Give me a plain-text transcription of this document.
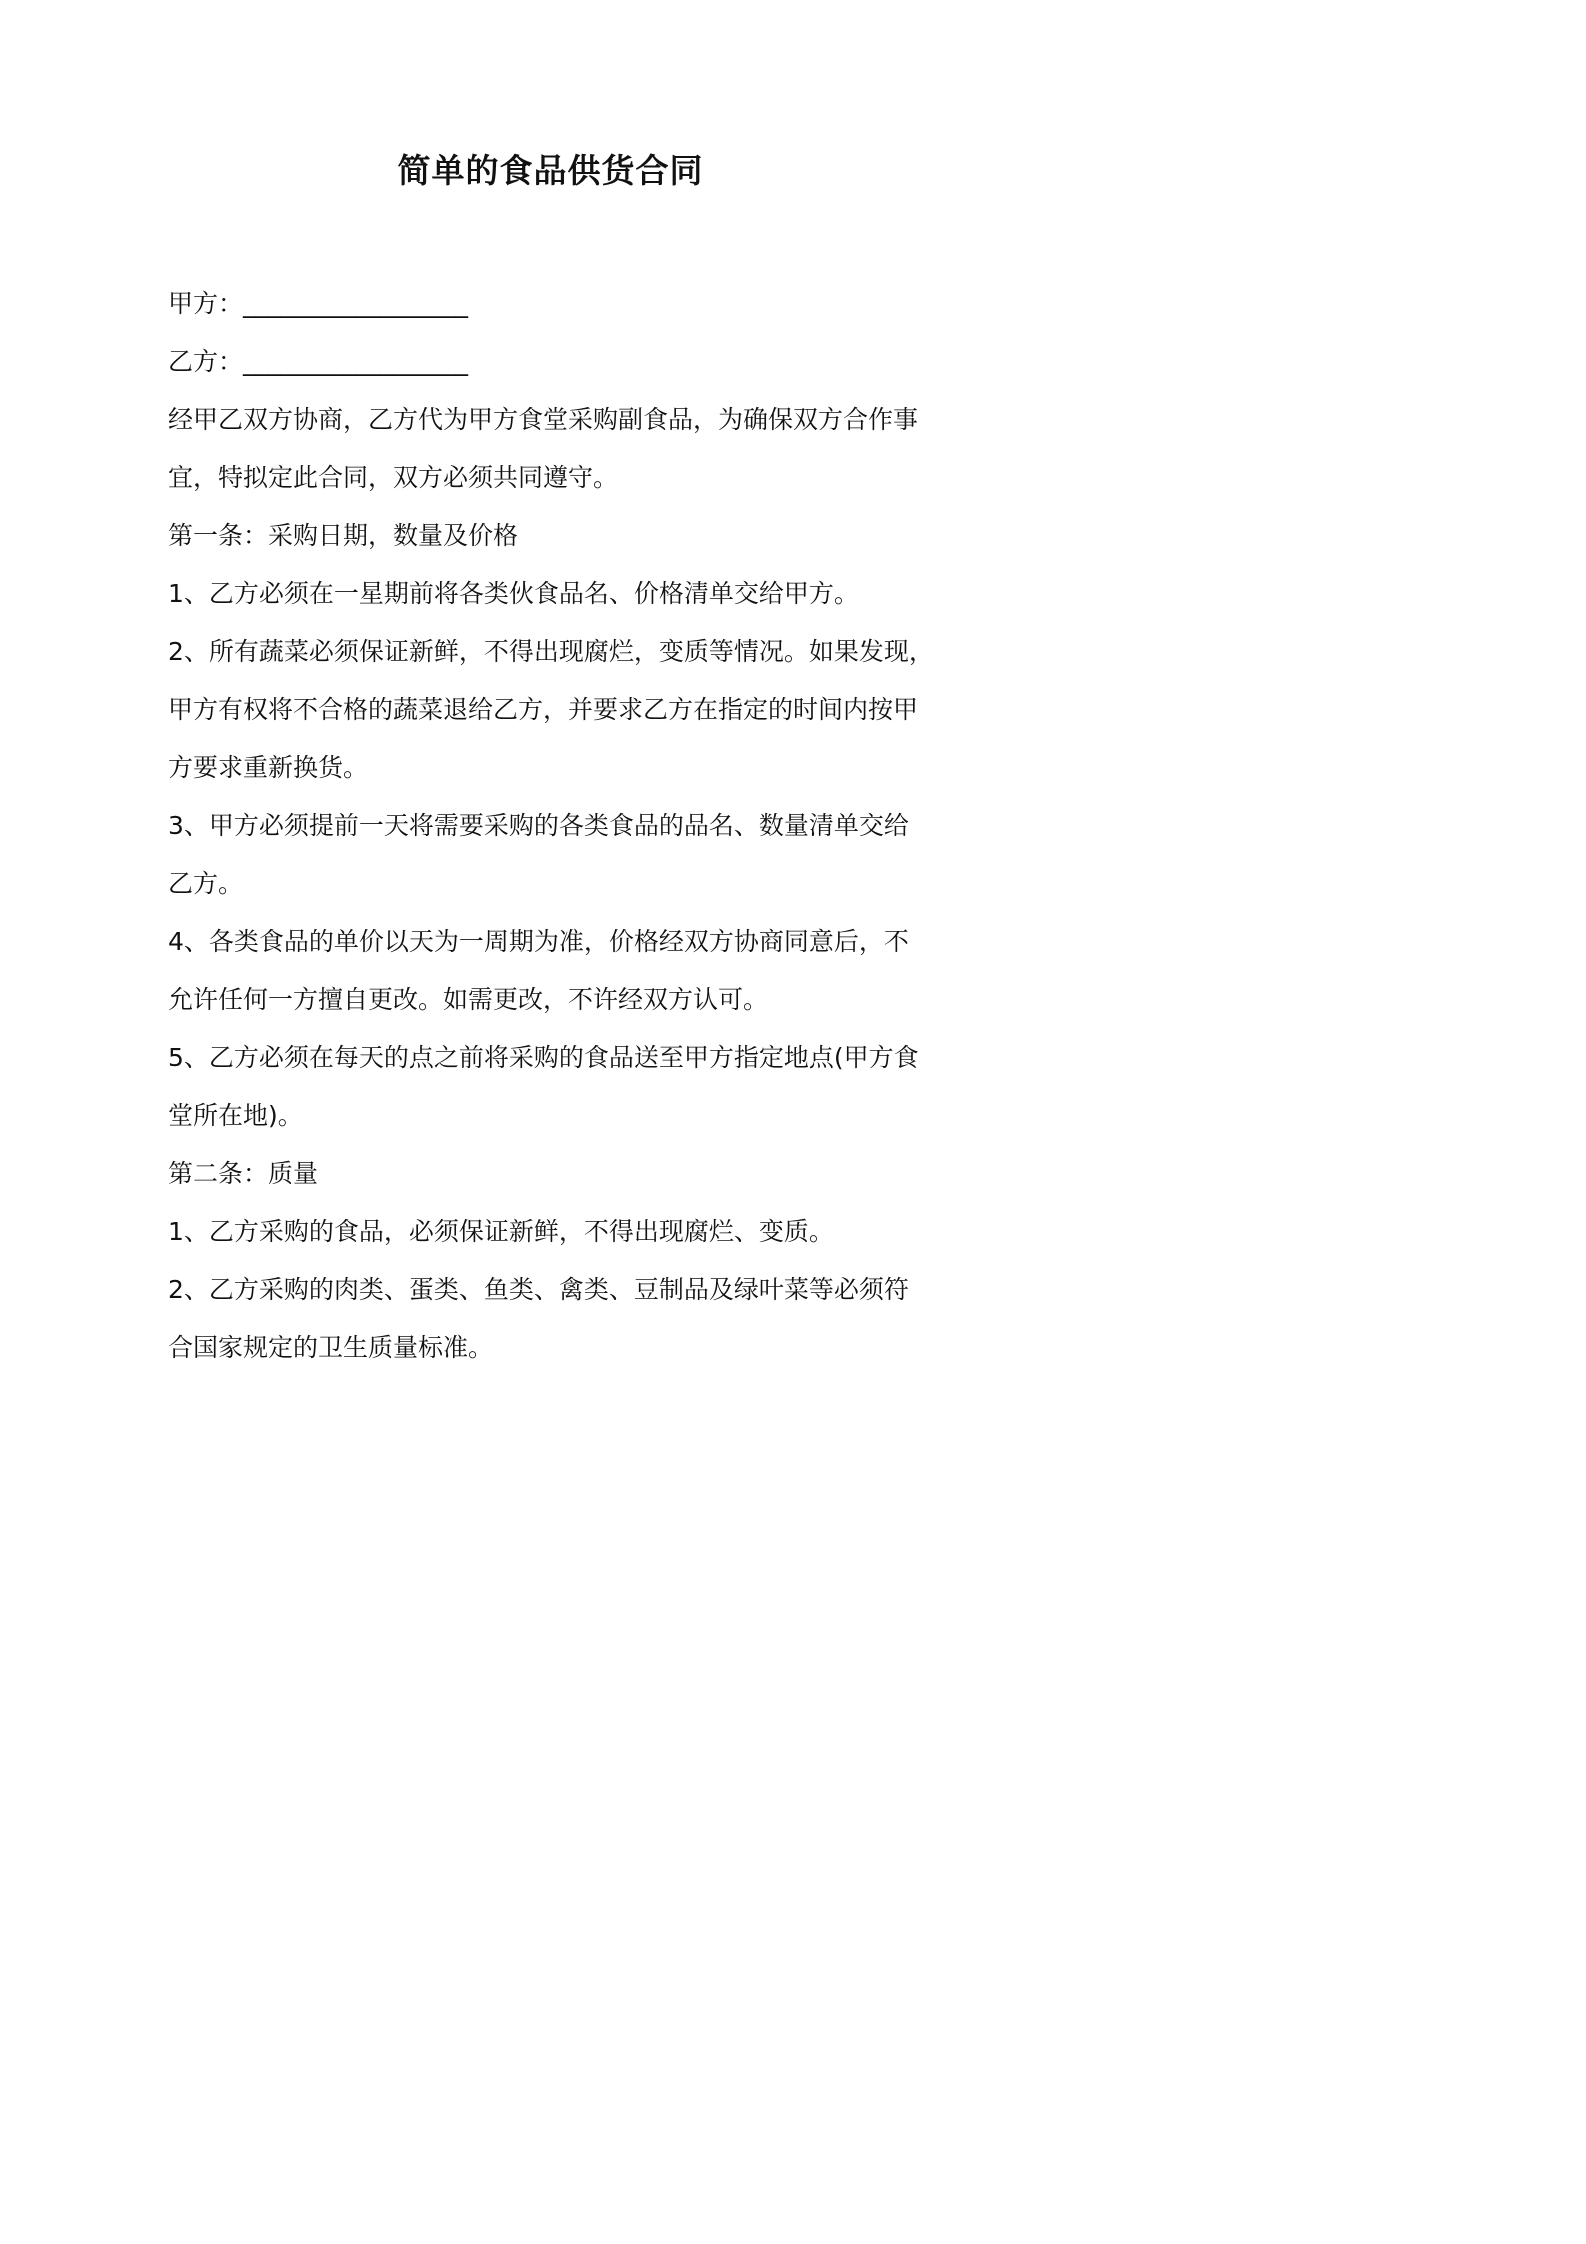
简单的食品供货合同
甲方：__________________
乙方：__________________
经甲乙双方协商，乙方代为甲方食堂采购副食品，为确保双方合作事
宜，特拟定此合同，双方必须共同遵守。
第一条：采购日期，数量及价格
1、乙方必须在一星期前将各类伙食品名、价格清单交给甲方。
2、所有蔬菜必须保证新鲜，不得出现腐烂，变质等情况。如果发现，
甲方有权将不合格的蔬菜退给乙方，并要求乙方在指定的时间内按甲
方要求重新换货。
3、甲方必须提前一天将需要采购的各类食品的品名、数量清单交给
乙方。
4、各类食品的单价以天为一周期为准，价格经双方协商同意后，不
允许任何一方擅自更改。如需更改，不许经双方认可。
5、乙方必须在每天的点之前将采购的食品送至甲方指定地点(甲方食
堂所在地)。
第二条：质量
1、乙方采购的食品，必须保证新鲜，不得出现腐烂、变质。
2、乙方采购的肉类、蛋类、鱼类、禽类、豆制品及绿叶菜等必须符
合国家规定的卫生质量标准。
